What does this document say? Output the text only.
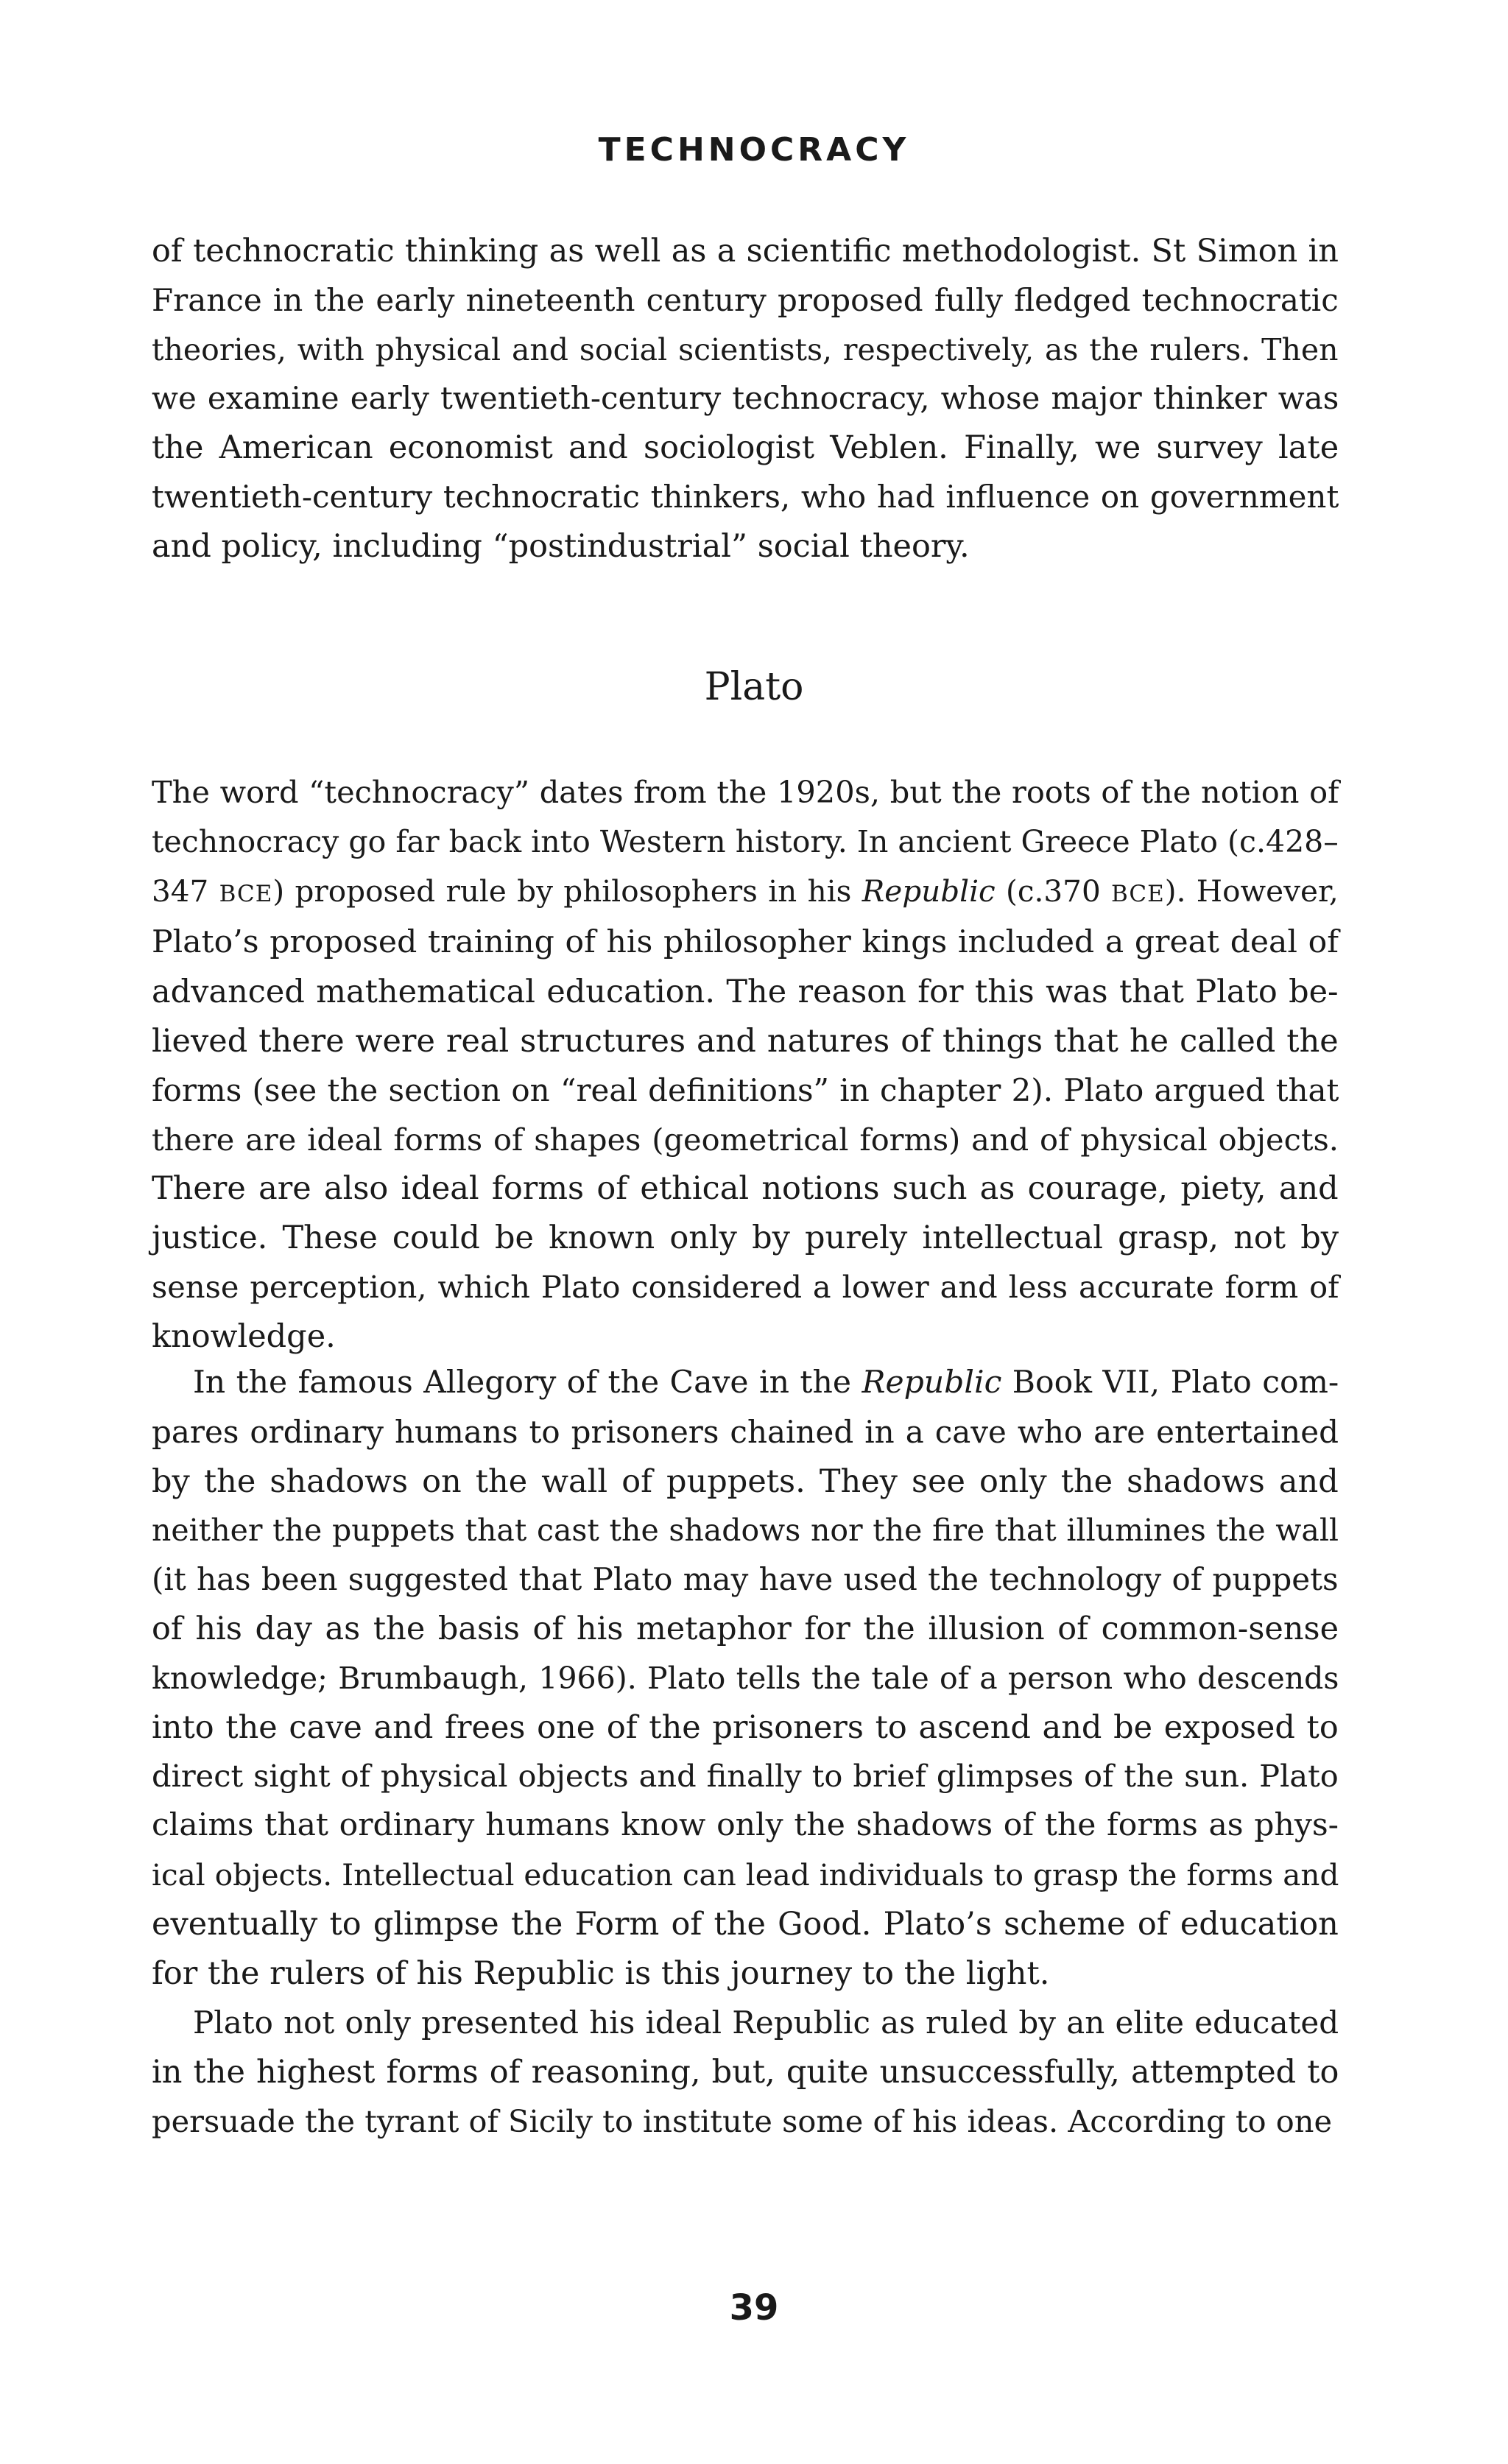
TECHNOCRACY

of technocratic thinking as well as a scientific methodologist. St Simon in
France in the early nineteenth century proposed fully fledged technocratic
theories, with physical and social scientists, respectively, as the rulers. Then
we examine early twentieth-century technocracy, whose major thinker was
the American economist and sociologist Veblen. Finally, we survey late
twentieth-century technocratic thinkers, who had influence on government
and policy, including “postindustrial” social theory.

Plato

The word “technocracy” dates from the 1920s, but the roots of the notion of
technocracy go far back into Western history. In ancient Greece Plato (c.428–
347 BCE) proposed rule by philosophers in his Republic (c.370 BCE). However,
Plato’s proposed training of his philosopher kings included a great deal of
advanced mathematical education. The reason for this was that Plato be-
lieved there were real structures and natures of things that he called the
forms (see the section on “real definitions” in chapter 2). Plato argued that
there are ideal forms of shapes (geometrical forms) and of physical objects.
There are also ideal forms of ethical notions such as courage, piety, and
justice. These could be known only by purely intellectual grasp, not by
sense perception, which Plato considered a lower and less accurate form of
knowledge.

In the famous Allegory of the Cave in the Republic Book VII, Plato com-
pares ordinary humans to prisoners chained in a cave who are entertained
by the shadows on the wall of puppets. They see only the shadows and
neither the puppets that cast the shadows nor the fire that illumines the wall
(it has been suggested that Plato may have used the technology of puppets
of his day as the basis of his metaphor for the illusion of common-sense
knowledge; Brumbaugh, 1966). Plato tells the tale of a person who descends
into the cave and frees one of the prisoners to ascend and be exposed to
direct sight of physical objects and finally to brief glimpses of the sun. Plato
claims that ordinary humans know only the shadows of the forms as phys-
ical objects. Intellectual education can lead individuals to grasp the forms and
eventually to glimpse the Form of the Good. Plato’s scheme of education
for the rulers of his Republic is this journey to the light.

Plato not only presented his ideal Republic as ruled by an elite educated
in the highest forms of reasoning, but, quite unsuccessfully, attempted to
persuade the tyrant of Sicily to institute some of his ideas. According to one

39
